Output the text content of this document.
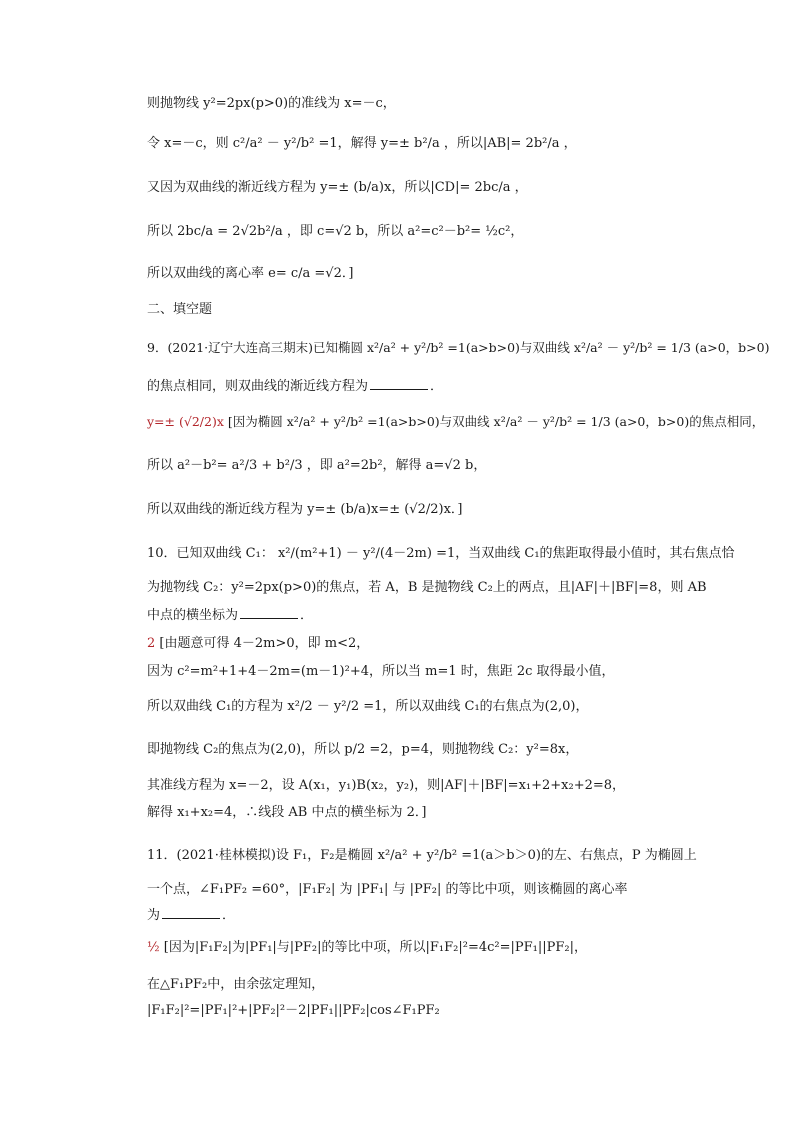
则抛物线 y²=2px(p>0)的准线为 x=－c，
令 x=－c，则 c²/a² － y²/b² =1，解得 y=± b²/a ，所以|AB|= 2b²/a ，
又因为双曲线的渐近线方程为 y=± (b/a)x，所以|CD|= 2bc/a ，
所以 2bc/a = 2√2b²/a ，即 c=√2 b，所以 a²=c²－b²= ½c²，
所以双曲线的离心率 e= c/a =√2．]
二、填空题
9．(2021·辽宁大连高三期末)已知椭圆 x²/a² + y²/b² =1(a>b>0)与双曲线 x²/a² － y²/b² = 1/3 (a>0，b>0)
的焦点相同，则双曲线的渐近线方程为	．
y=± (√2/2)x [因为椭圆 x²/a² + y²/b² =1(a>b>0)与双曲线 x²/a² － y²/b² = 1/3 (a>0，b>0)的焦点相同，
所以 a²－b²= a²/3 + b²/3 ，即 a²=2b²，解得 a=√2 b，
所以双曲线的渐近线方程为 y=± (b/a)x=± (√2/2)x．]
10．已知双曲线 C₁： x²/(m²+1) － y²/(4－2m) =1，当双曲线 C₁的焦距取得最小值时，其右焦点恰
为抛物线 C₂：y²=2px(p>0)的焦点，若 A，B 是抛物线 C₂上的两点，且|AF|＋|BF|=8，则 AB
中点的横坐标为	．
2 [由题意可得 4－2m>0，即 m<2，
因为 c²=m²+1+4－2m=(m－1)²+4，所以当 m=1 时，焦距 2c 取得最小值，
所以双曲线 C₁的方程为 x²/2 － y²/2 =1，所以双曲线 C₁的右焦点为(2,0)，
即抛物线 C₂的焦点为(2,0)，所以 p/2 =2，p=4，则抛物线 C₂：y²=8x，
其准线方程为 x=－2，设 A(x₁，y₁)B(x₂，y₂)，则|AF|＋|BF|=x₁+2+x₂+2=8，
解得 x₁+x₂=4，∴线段 AB 中点的横坐标为 2．]
11．(2021·桂林模拟)设 F₁，F₂是椭圆 x²/a² + y²/b² =1(a＞b＞0)的左、右焦点，P 为椭圆上
一个点，∠F₁PF₂ =60°，|F₁F₂| 为 |PF₁| 与 |PF₂| 的等比中项，则该椭圆的离心率
为	．
½ [因为|F₁F₂|为|PF₁|与|PF₂|的等比中项，所以|F₁F₂|²=4c²=|PF₁||PF₂|，
在△F₁PF₂中，由余弦定理知，
|F₁F₂|²=|PF₁|²+|PF₂|²－2|PF₁||PF₂|cos∠F₁PF₂
